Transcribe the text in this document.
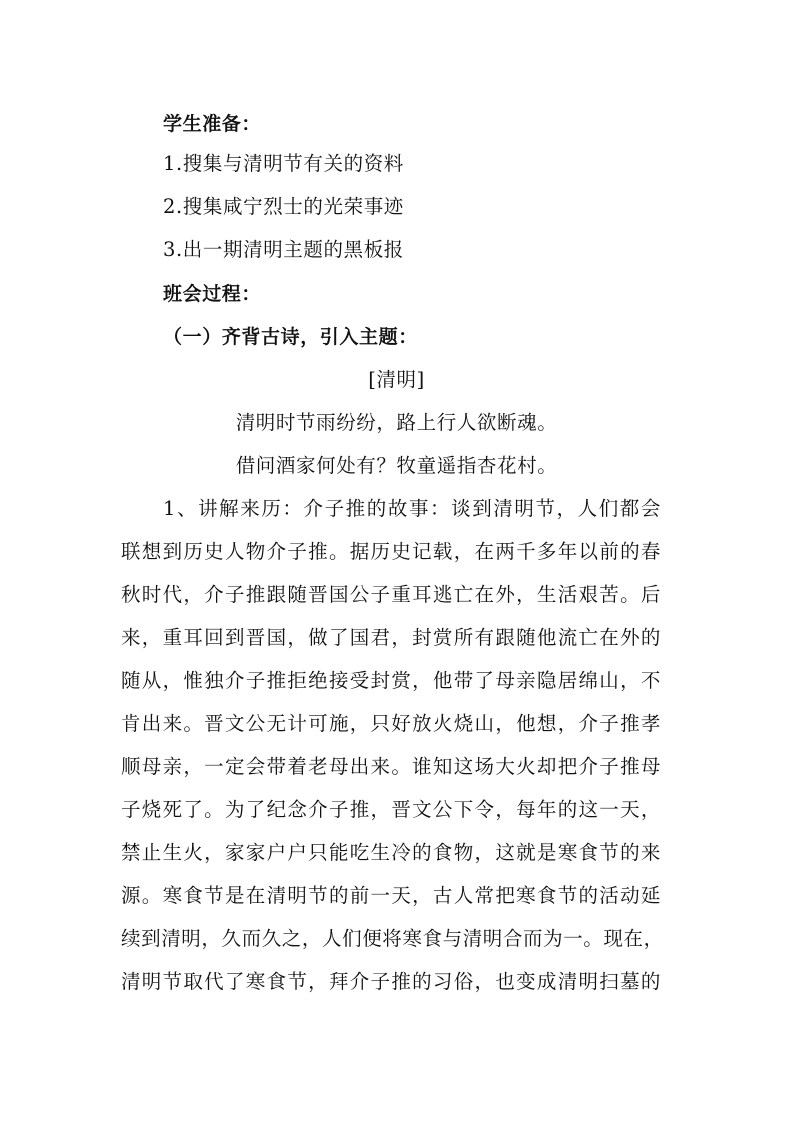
学生准备：
1.搜集与清明节有关的资料
2.搜集咸宁烈士的光荣事迹
3.出一期清明主题的黑板报
班会过程：
（一）齐背古诗，引入主题：
[清明]
清明时节雨纷纷，路上行人欲断魂。
借问酒家何处有？牧童遥指杏花村。
1、讲解来历：介子推的故事：谈到清明节，人们都会
联想到历史人物介子推。据历史记载，在两千多年以前的春
秋时代，介子推跟随晋国公子重耳逃亡在外，生活艰苦。后
来，重耳回到晋国，做了国君，封赏所有跟随他流亡在外的
随从，惟独介子推拒绝接受封赏，他带了母亲隐居绵山，不
肯出来。晋文公无计可施，只好放火烧山，他想，介子推孝
顺母亲，一定会带着老母出来。谁知这场大火却把介子推母
子烧死了。为了纪念介子推，晋文公下令，每年的这一天，
禁止生火，家家户户只能吃生冷的食物，这就是寒食节的来
源。寒食节是在清明节的前一天，古人常把寒食节的活动延
续到清明，久而久之，人们便将寒食与清明合而为一。现在，
清明节取代了寒食节，拜介子推的习俗，也变成清明扫墓的
